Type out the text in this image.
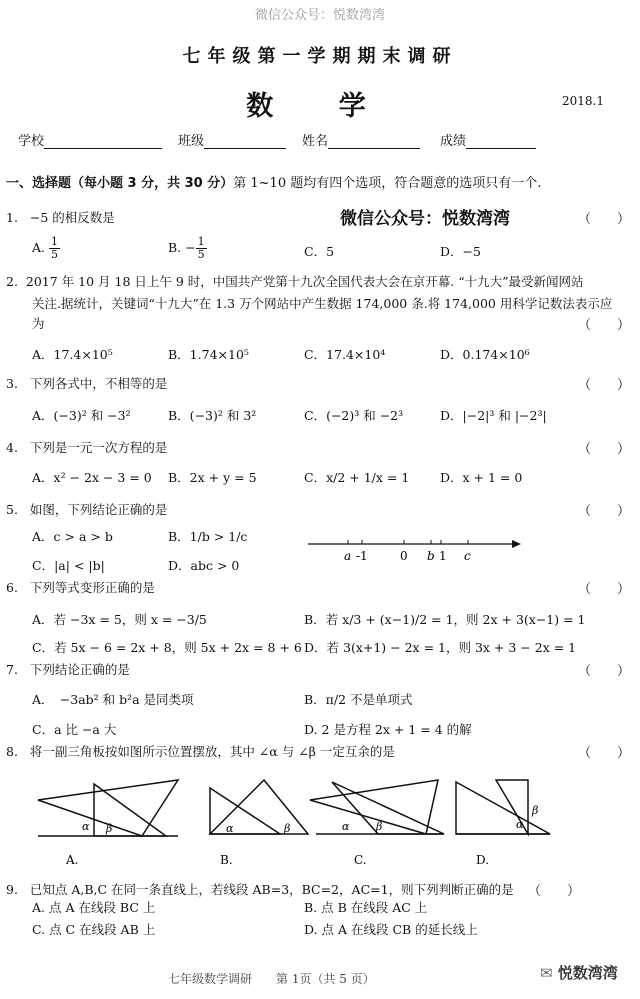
微信公众号：悦数湾湾
七年级第一学期期末调研
数 学	2018.1
学校	班级	姓名	成绩
一、选择题（每小题 3 分，共 30 分）第 1~10 题均有四个选项，符合题意的选项只有一个.
1. −5 的相反数是	微信公众号：悦数湾湾	（　　）
A. $\frac{1}{5}$	B. − $\frac{1}{5}$	C．5	D．−5
2. 2017 年 10 月 18 日上午 9 时，中国共产党第十九次全国代表大会在京开幕. “十九大”最受新闻网站
关注.据统计，关键词“十九大”在 1.3 万个网站中产生数据 174,000 条.将 174,000 用科学记数法表示应
为	（　　）
A．17.4×10⁵	B．1.74×10⁵	C．17.4×10⁴	D．0.174×10⁶
3. 下列各式中，不相等的是	（　　）
A．(−3)² 和 −3²	B．(−3)² 和 3²	C．(−2)³ 和 −2³	D．|−2|³ 和 |−2³|
4. 下列是一元一次方程的是	（　　）
A．x² − 2x − 3 = 0 B．2x + y = 5	C．x/2 + 1/x = 1 D．x + 1 = 0
5. 如图，下列结论正确的是	（　　）
A．c > a > b	B．1/b > 1/c
C．|a| < |b|	D．abc > 0
a -1	0 b 1 c
6. 下列等式变形正确的是	（　　）
A．若 −3x = 5，则 x = −3/5	B．若 x/3 + (x−1)/2 = 1，则 2x + 3(x−1) = 1
C．若 5x − 6 = 2x + 8，则 5x + 2x = 8 + 6 D．若 3(x+1) − 2x = 1，则 3x + 3 − 2x = 1
7. 下列结论正确的是	（　　）
A．　−3ab² 和 b²a 是同类项	B．π/2 不是单项式
C．a 比 −a 大	D. 2 是方程 2x + 1 = 4 的解
8. 将一副三角板按如图所示位置摆放，其中 ∠α 与 ∠β 一定互余的是	（　　）
α β	α	β	α β	α
β
A.	B.	C.	D.
9. 已知点 A,B,C 在同一条直线上，若线段 AB=3，BC=2，AC=1，则下列判断正确的是 （　　）
A. 点 A 在线段 BC 上	B. 点 B 在线段 AC 上
C. 点 C 在线段 AB 上	D. 点 A 在线段 CB 的延长线上
七年级数学调研　　第 1页（共 5 页）	✉ 悦数湾湾
